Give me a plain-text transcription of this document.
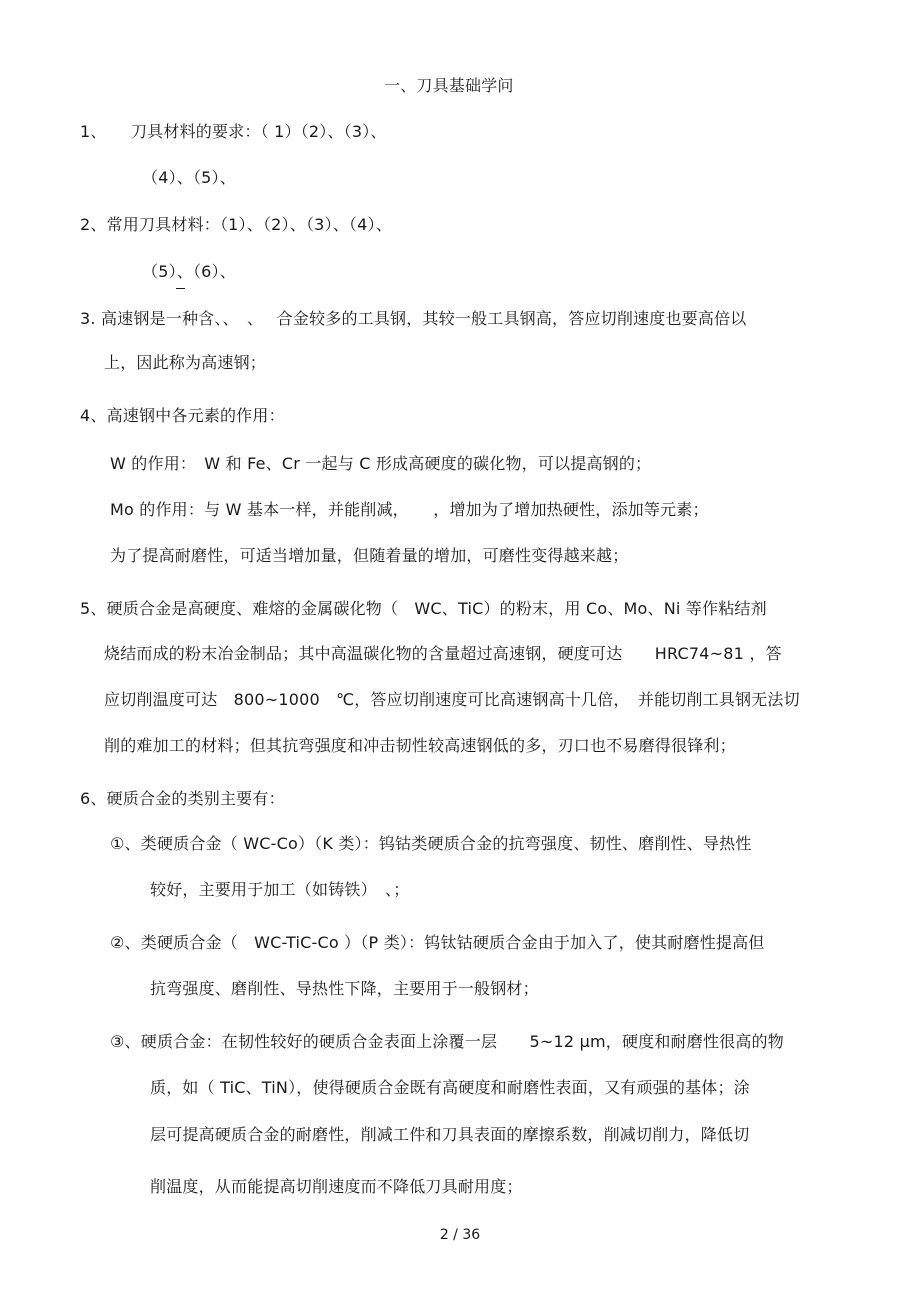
一、刀具基础学问
1、　　刀具材料的要求：（ 1）（2）、（3）、
（4）、（5）、
2、常用刀具材料：（1）、（2）、（3）、（4）、
（5）、（6）、
3. 高速钢是一种含、、　、　 合金较多的工具钢，其较一般工具钢高，答应切削速度也要高倍以
上，因此称为高速钢；
4、高速钢中各元素的作用：
W 的作用：　W 和 Fe、Cr 一起与 C 形成高硬度的碳化物，可以提高钢的；
Mo 的作用：与 W 基本一样，并能削减，　　，增加为了增加热硬性，添加等元素；
为了提高耐磨性，可适当增加量，但随着量的增加，可磨性变得越来越；
5、硬质合金是高硬度、难熔的金属碳化物（　WC、TiC）的粉末，用 Co、Mo、Ni 等作粘结剂
烧结而成的粉末冶金制品；其中高温碳化物的含量超过高速钢，硬度可达　　HRC74~81 ，答
应切削温度可达　800~1000　℃，答应切削速度可比高速钢高十几倍，　并能切削工具钢无法切
削的难加工的材料；但其抗弯强度和冲击韧性较高速钢低的多，刃口也不易磨得很锋利；
6、硬质合金的类别主要有：
①、类硬质合金（ WC-Co）（K 类）：钨钴类硬质合金的抗弯强度、韧性、磨削性、导热性
较好，主要用于加工（如铸铁）　、；
②、类硬质合金（　WC-TiC-Co ）（P 类）：钨钛钴硬质合金由于加入了，使其耐磨性提高但
抗弯强度、磨削性、导热性下降，主要用于一般钢材；
③、硬质合金：在韧性较好的硬质合金表面上涂覆一层　　5~12 μm，硬度和耐磨性很高的物
质，如（ TiC、TiN），使得硬质合金既有高硬度和耐磨性表面，又有顽强的基体；涂
层可提高硬质合金的耐磨性，削减工件和刀具表面的摩擦系数，削减切削力，降低切
削温度，从而能提高切削速度而不降低刀具耐用度；
2 / 36
